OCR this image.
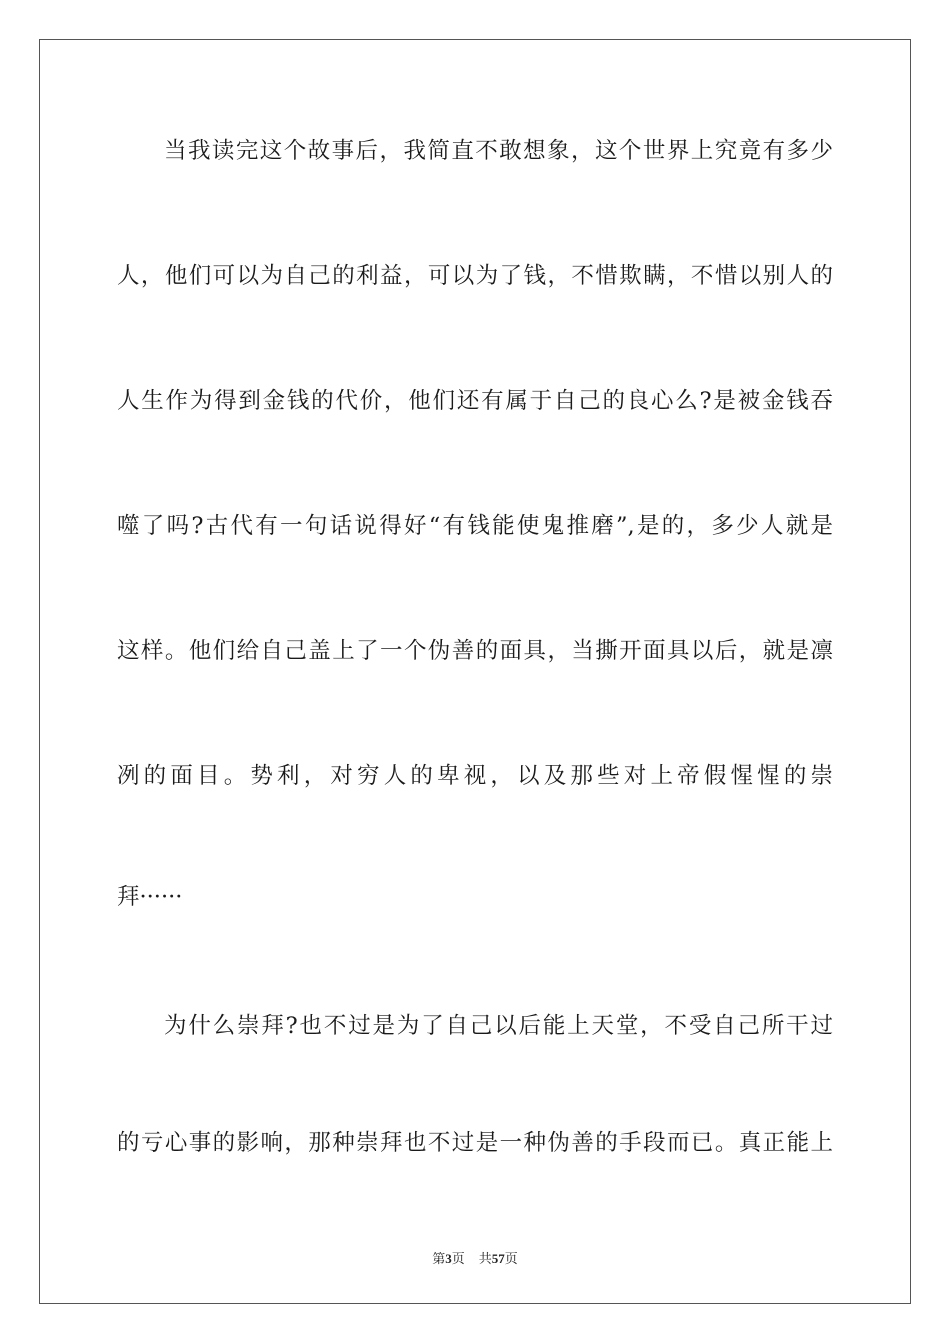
当我读完这个故事后，我简直不敢想象，这个世界上究竟有多少
人，他们可以为自己的利益，可以为了钱，不惜欺瞒，不惜以别人的
人生作为得到金钱的代价，他们还有属于自己的良心么?是被金钱吞
噬了吗?古代有一句话说得好“有钱能使鬼推磨”,是的，多少人就是
这样。他们给自己盖上了一个伪善的面具，当撕开面具以后，就是凛
冽的面目。势利，对穷人的卑视，以及那些对上帝假惺惺的崇
拜······
为什么崇拜?也不过是为了自己以后能上天堂，不受自己所干过
的亏心事的影响，那种崇拜也不过是一种伪善的手段而已。真正能上
第3页 共57页
